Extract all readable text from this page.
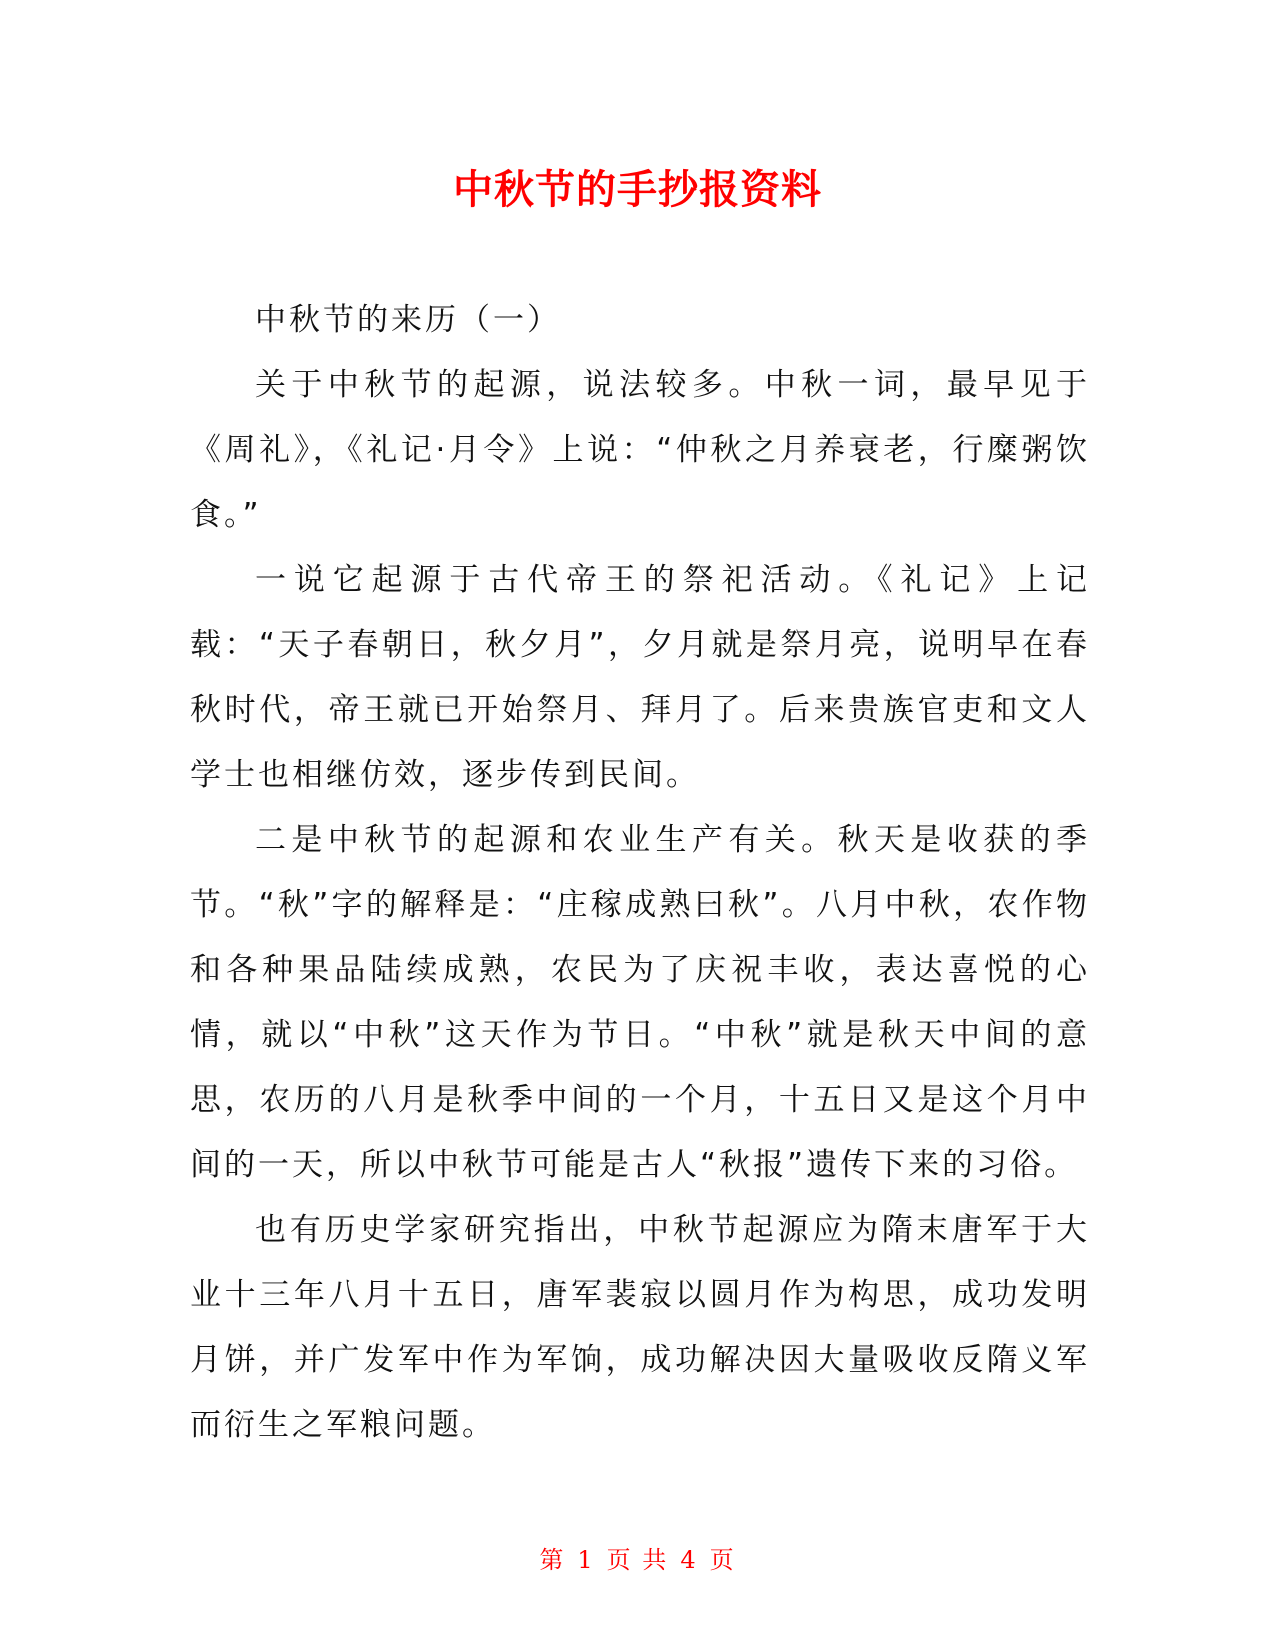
中秋节的手抄报资料

中秋节的来历（一）

关于中秋节的起源，说法较多。中秋一词，最早见于《周礼》，《礼记·月令》上说：“仲秋之月养衰老，行糜粥饮食。”

一说它起源于古代帝王的祭祀活动。《礼记》上记载：“天子春朝日，秋夕月”，夕月就是祭月亮，说明早在春秋时代，帝王就已开始祭月、拜月了。后来贵族官吏和文人学士也相继仿效，逐步传到民间。

二是中秋节的起源和农业生产有关。秋天是收获的季节。“秋”字的解释是：“庄稼成熟曰秋”。八月中秋，农作物和各种果品陆续成熟，农民为了庆祝丰收，表达喜悦的心情，就以“中秋”这天作为节日。“中秋”就是秋天中间的意思，农历的八月是秋季中间的一个月，十五日又是这个月中间的一天，所以中秋节可能是古人“秋报”遗传下来的习俗。

也有历史学家研究指出，中秋节起源应为隋末唐军于大业十三年八月十五日，唐军裴寂以圆月作为构思，成功发明月饼，并广发军中作为军饷，成功解决因大量吸收反隋义军而衍生之军粮问题。

第 1 页 共 4 页
